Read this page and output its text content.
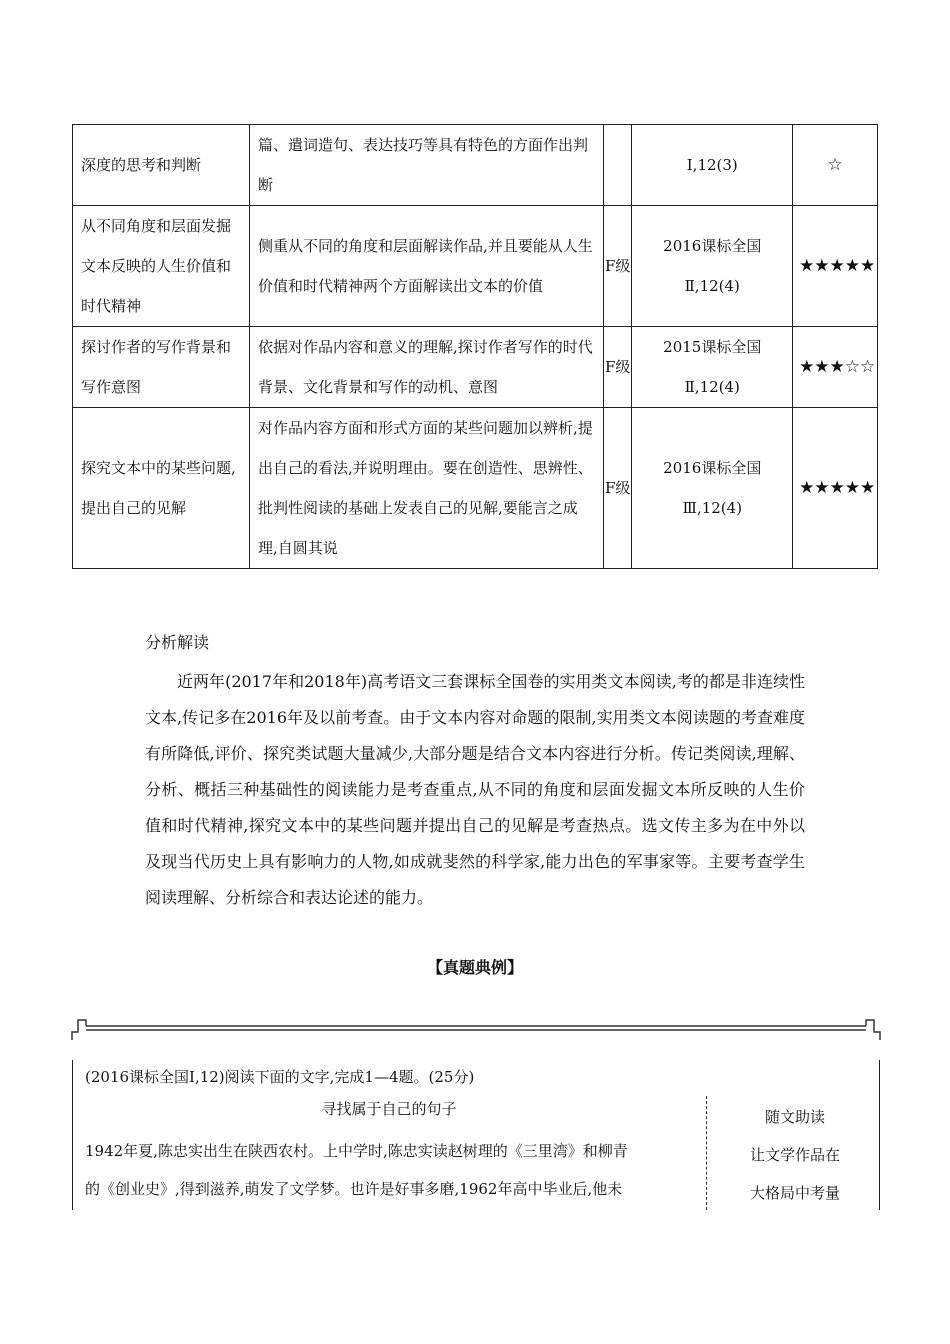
深度的思考和判断	篇、遣词造句、表达技巧等具有特色的方面作出判断		Ⅰ,12(3)	☆
从不同角度和层面发掘文本反映的人生价值和时代精神	侧重从不同的角度和层面解读作品,并且要能从人生价值和时代精神两个方面解读出文本的价值	F级	2016课标全国Ⅱ,12(4)	★★★★★
探讨作者的写作背景和写作意图	依据对作品内容和意义的理解,探讨作者写作的时代背景、文化背景和写作的动机、意图	F级	2015课标全国Ⅱ,12(4)	★★★☆☆
探究文本中的某些问题,提出自己的见解	对作品内容方面和形式方面的某些问题加以辨析,提出自己的看法,并说明理由。要在创造性、思辨性、批判性阅读的基础上发表自己的见解,要能言之成理,自圆其说	F级	2016课标全国Ⅲ,12(4)	★★★★★
分析解读
近两年(2017年和2018年)高考语文三套课标全国卷的实用类文本阅读,考的都是非连续性文本,传记多在2016年及以前考查。由于文本内容对命题的限制,实用类文本阅读题的考查难度有所降低,评价、探究类试题大量减少,大部分题是结合文本内容进行分析。传记类阅读,理解、分析、概括三种基础性的阅读能力是考查重点,从不同的角度和层面发掘文本所反映的人生价值和时代精神,探究文本中的某些问题并提出自己的见解是考查热点。选文传主多为在中外以及现当代历史上具有影响力的人物,如成就斐然的科学家,能力出色的军事家等。主要考查学生阅读理解、分析综合和表达论述的能力。
【真题典例】
(2016课标全国Ⅰ,12)阅读下面的文字,完成1—4题。(25分)
寻找属于自己的句子
1942年夏,陈忠实出生在陕西农村。上中学时,陈忠实读赵树理的《三里湾》和柳青
的《创业史》,得到滋养,萌发了文学梦。也许是好事多磨,1962年高中毕业后,他未
随文助读
让文学作品在
大格局中考量
